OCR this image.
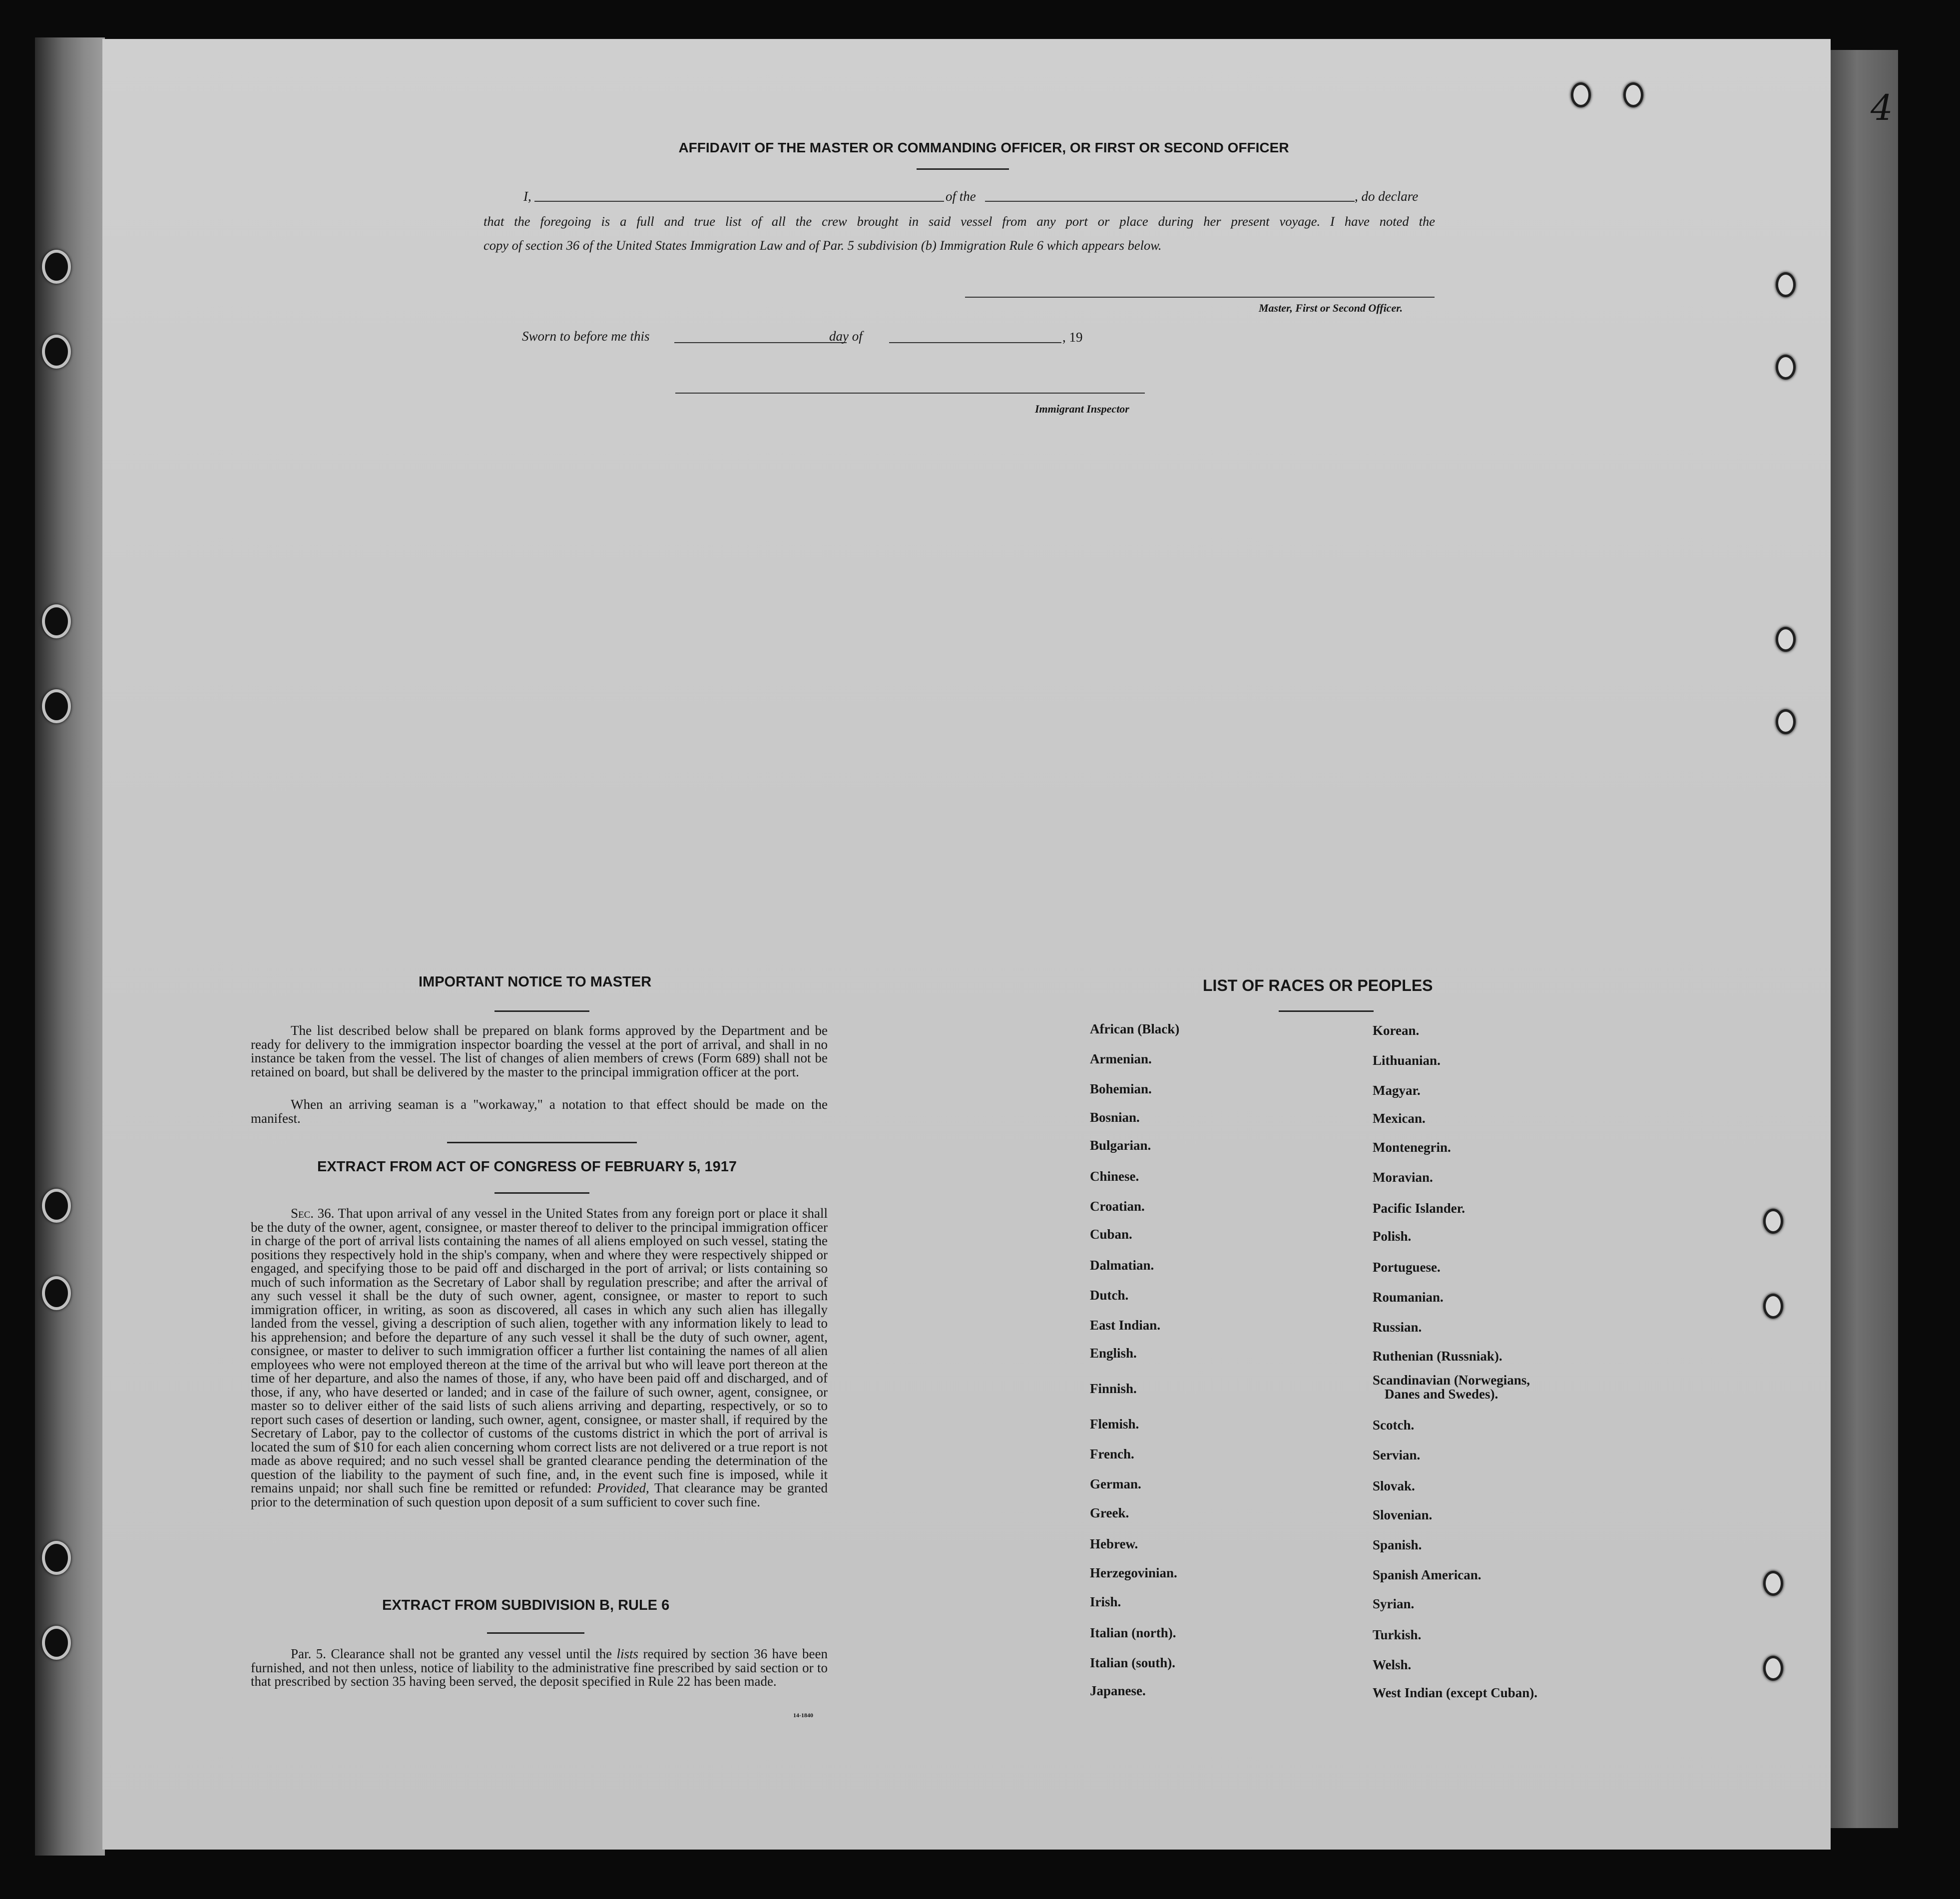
4
AFFIDAVIT OF THE MASTER OR COMMANDING OFFICER, OR FIRST OR SECOND OFFICER
I,	of the	, do declare
that the foregoing is a full and true list of all the crew brought in said vessel from any port or place during her present voyage. I have noted the
copy of section 36 of the United States Immigration Law and of Par. 5 subdivision (b) Immigration Rule 6 which appears below.
Master, First or Second Officer.
Sworn to before me this	day of	, 19
Immigrant Inspector
IMPORTANT NOTICE TO MASTER
The list described below shall be prepared on blank forms approved by the Department and be ready for delivery to the immigration inspector boarding the vessel at the port of arrival, and shall in no instance be taken from the vessel. The list of changes of alien members of crews (Form 689) shall not be retained on board, but shall be delivered by the master to the principal immigration officer at the port.
When an arriving seaman is a "workaway," a notation to that effect should be made on the manifest.
EXTRACT FROM ACT OF CONGRESS OF FEBRUARY 5, 1917
Sec. 36. That upon arrival of any vessel in the United States from any foreign port or place it shall be the duty of the owner, agent, consignee, or master thereof to deliver to the principal immigration officer in charge of the port of arrival lists containing the names of all aliens employed on such vessel, stating the positions they respectively hold in the ship's company, when and where they were respectively shipped or engaged, and specifying those to be paid off and discharged in the port of arrival; or lists containing so much of such information as the Secretary of Labor shall by regulation prescribe; and after the arrival of any such vessel it shall be the duty of such owner, agent, consignee, or master to report to such immigration officer, in writing, as soon as discovered, all cases in which any such alien has illegally landed from the vessel, giving a description of such alien, together with any information likely to lead to his apprehension; and before the departure of any such vessel it shall be the duty of such owner, agent, consignee, or master to deliver to such immigration officer a further list containing the names of all alien employees who were not employed thereon at the time of the arrival but who will leave port thereon at the time of her departure, and also the names of those, if any, who have been paid off and discharged, and of those, if any, who have deserted or landed; and in case of the failure of such owner, agent, consignee, or master so to deliver either of the said lists of such aliens arriving and departing, respectively, or so to report such cases of desertion or landing, such owner, agent, consignee, or master shall, if required by the Secretary of Labor, pay to the collector of customs of the customs district in which the port of arrival is located the sum of $10 for each alien concerning whom correct lists are not delivered or a true report is not made as above required; and no such vessel shall be granted clearance pending the determination of the question of the liability to the payment of such fine, and, in the event such fine is imposed, while it remains unpaid; nor shall such fine be remitted or refunded: Provided, That clearance may be granted prior to the determination of such question upon deposit of a sum sufficient to cover such fine.
EXTRACT FROM SUBDIVISION B, RULE 6
Par. 5. Clearance shall not be granted any vessel until the lists required by section 36 have been furnished, and not then unless, notice of liability to the administrative fine prescribed by said section or to that prescribed by section 35 having been served, the deposit specified in Rule 22 has been made.
14-1840
LIST OF RACES OR PEOPLES
African (Black)
Armenian.
Bohemian.
Bosnian.
Bulgarian.
Chinese.
Croatian.
Cuban.
Dalmatian.
Dutch.
East Indian.
English.
Finnish.
Flemish.
French.
German.
Greek.
Hebrew.
Herzegovinian.
Irish.
Italian (north).
Italian (south).
Japanese.
Korean.
Lithuanian.
Magyar.
Mexican.
Montenegrin.
Moravian.
Pacific Islander.
Polish.
Portuguese.
Roumanian.
Russian.
Ruthenian (Russniak).
Scandinavian (Norwegians,
Danes and Swedes).
Scotch.
Servian.
Slovak.
Slovenian.
Spanish.
Spanish American.
Syrian.
Turkish.
Welsh.
West Indian (except Cuban).
